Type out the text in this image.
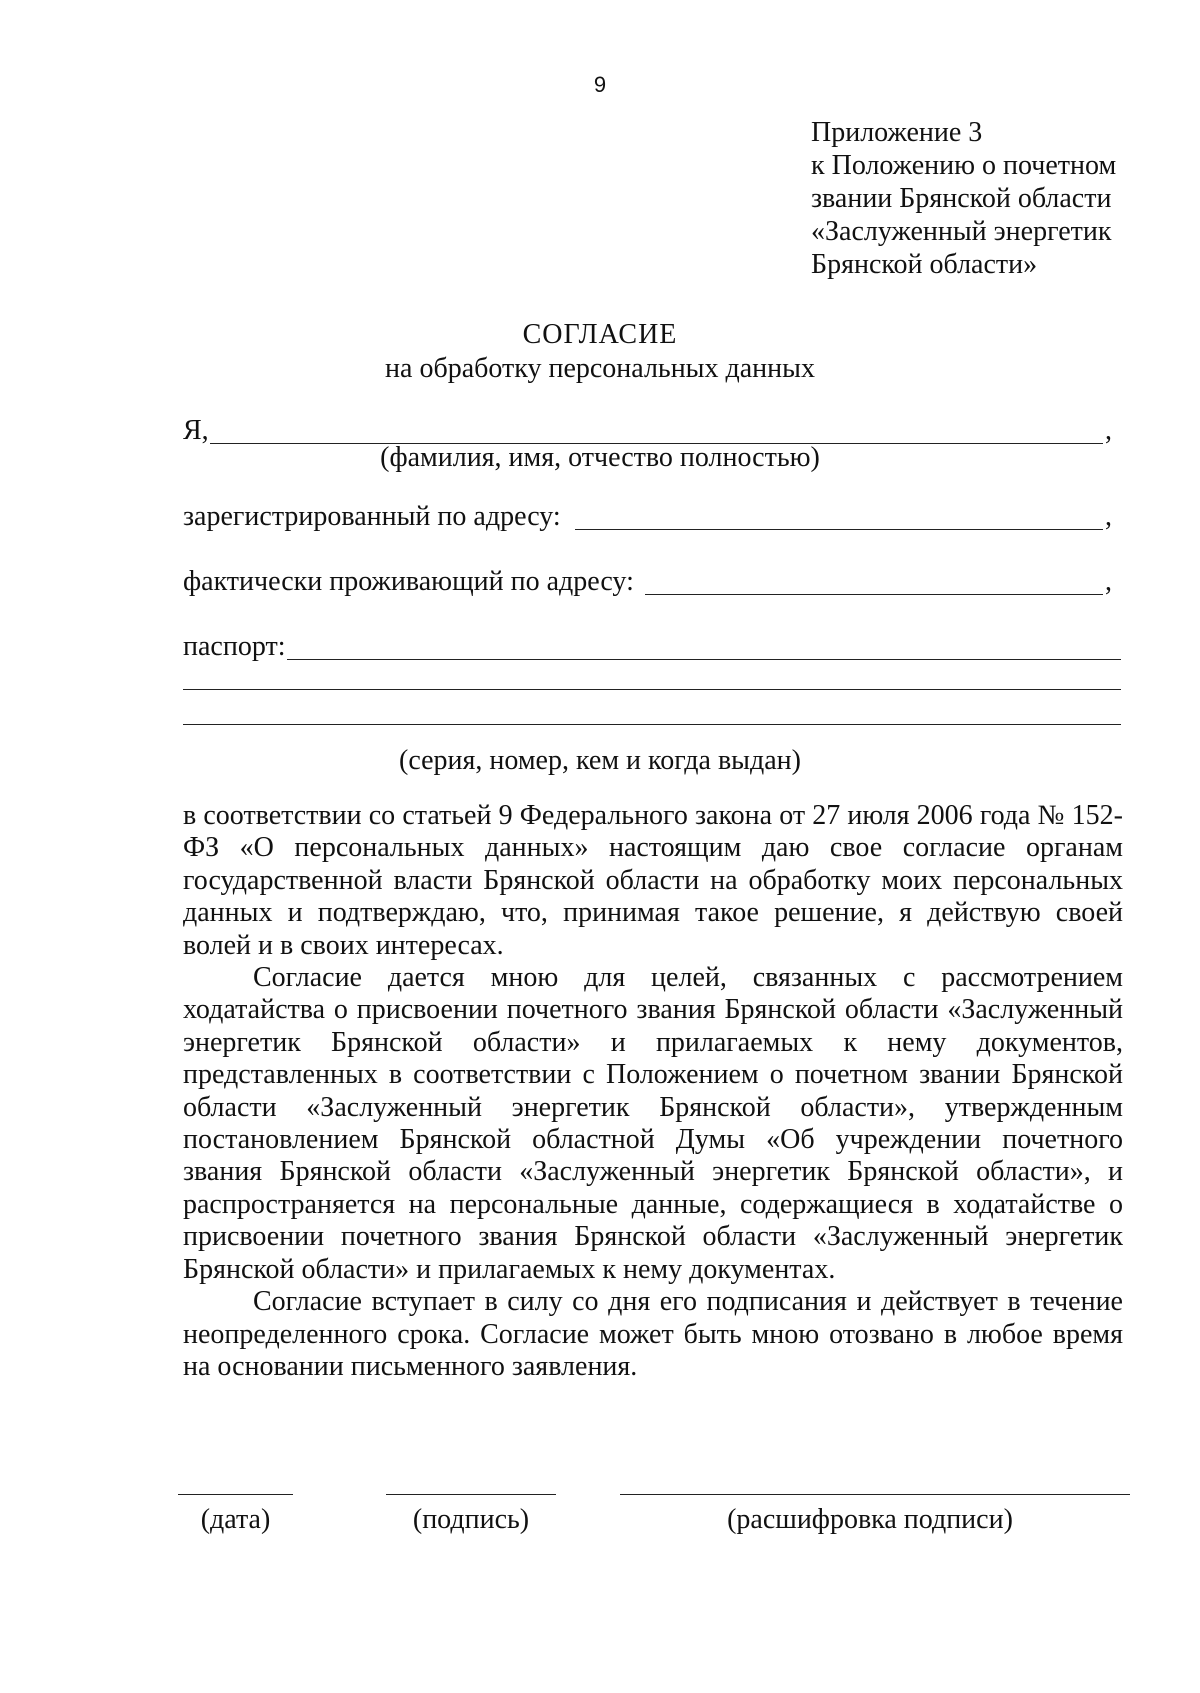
9
Приложение 3
к Положению о почетном
звании Брянской области
«Заслуженный энергетик
Брянской области»
СОГЛАСИЕ
на обработку персональных данных
Я,	,
(фамилия, имя, отчество полностью)
зарегистрированный по адресу:	,
фактически проживающий по адресу:	,
паспорт:
(серия, номер, кем и когда выдан)

в соответствии со статьей 9 Федерального закона от 27 июля 2006 года № 152-ФЗ «О персональных данных» настоящим даю свое согласие органам государственной власти Брянской области на обработку моих персональных данных и подтверждаю, что, принимая такое решение, я действую своей волей и в своих интересах.

Согласие дается мною для целей, связанных с рассмотрением ходатайства о присвоении почетного звания Брянской области «Заслуженный энергетик Брянской области» и прилагаемых к нему документов, представленных в соответствии с Положением о почетном звании Брянской области «Заслуженный энергетик Брянской области», утвержденным постановлением Брянской областной Думы «Об учреждении почетного звания Брянской области «Заслуженный энергетик Брянской области», и распространяется на персональные данные, содержащиеся в ходатайстве о присвоении почетного звания Брянской области «Заслуженный энергетик Брянской области» и прилагаемых к нему документах.

Согласие вступает в силу со дня его подписания и действует в течение неопределенного срока. Согласие может быть мною отозвано в любое время на основании письменного заявления.

(дата)	(подпись)	(расшифровка подписи)
